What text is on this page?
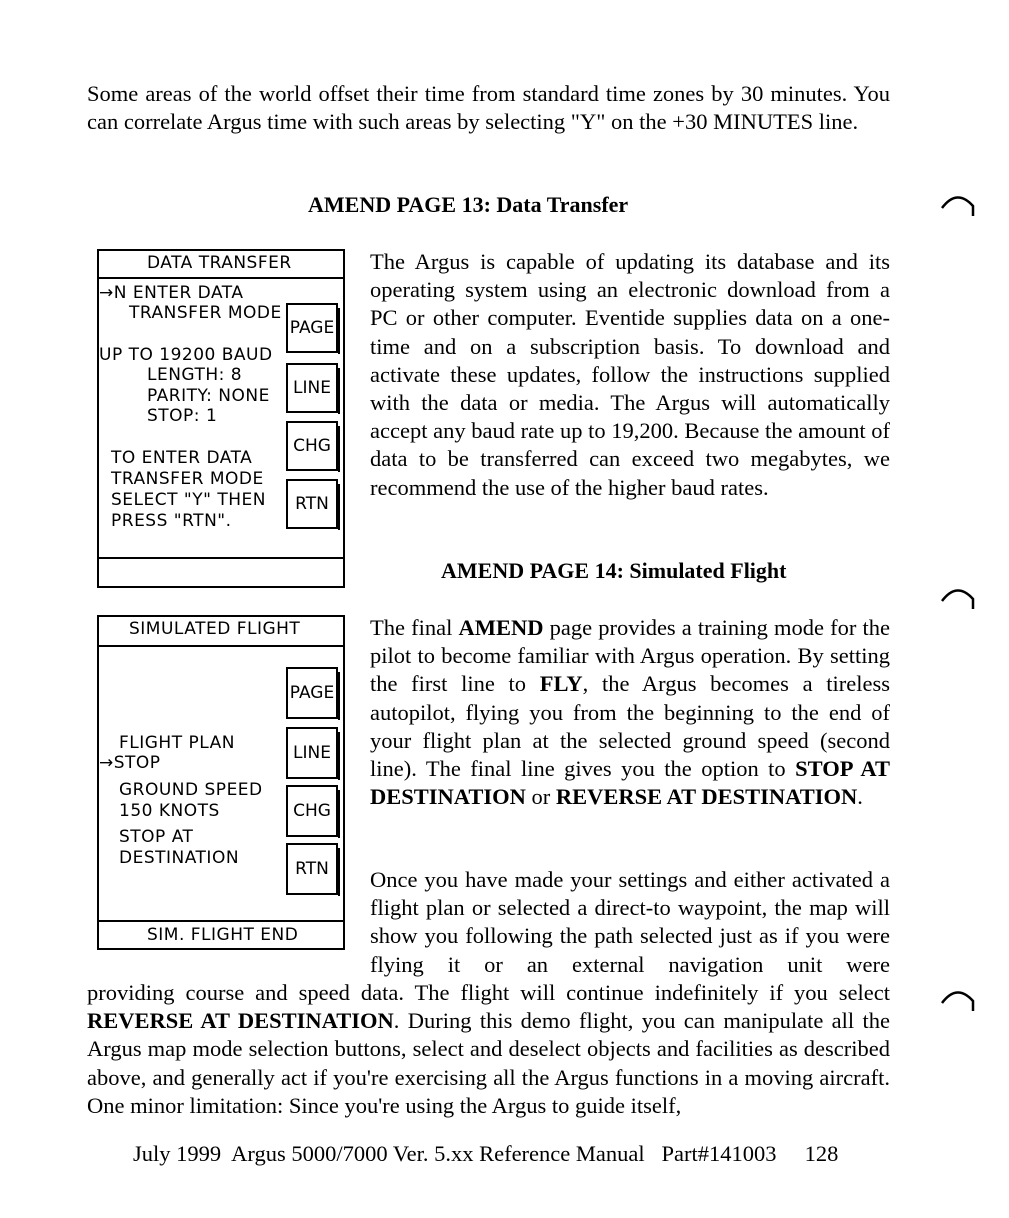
Some areas of the world offset their time from standard time zones by 30 minutes. You can correlate Argus time with such areas by selecting "Y" on the +30 MINUTES line.

AMEND PAGE 13: Data Transfer
DATA TRANSFER
→N ENTER DATA
TRANSFER MODE
UP TO 19200 BAUD
LENGTH: 8
PARITY: NONE
STOP: 1
TO ENTER DATA
TRANSFER MODE
SELECT "Y" THEN
PRESS "RTN".
PAGE
LINE
CHG
RTN

The Argus is capable of updating its database and its operating system using an electronic download from a PC or other computer. Eventide supplies data on a one-time and on a subscription basis. To download and activate these updates, follow the instructions supplied with the data or media. The Argus will automatically accept any baud rate up to 19,200. Because the amount of data to be transferred can exceed two megabytes, we recommend the use of the higher baud rates.

AMEND PAGE 14: Simulated Flight
SIMULATED FLIGHT
PAGE
LINE
CHG
RTN
FLIGHT PLAN
→STOP
GROUND SPEED
150 KNOTS
STOP AT
DESTINATION
SIM. FLIGHT END

The final AMEND page provides a training mode for the pilot to become familiar with Argus operation. By setting the first line to FLY, the Argus becomes a tireless autopilot, flying you from the beginning to the end of your flight plan at the selected ground speed (second line). The final line gives you the option to STOP AT DESTINATION or REVERSE AT DESTINATION.

Once you have made your settings and either activated a flight plan or selected a direct-to waypoint, the map will show you following the path selected just as if you were flying it or an external navigation unit were

providing course and speed data. The flight will continue indefinitely if you select REVERSE AT DESTINATION. During this demo flight, you can manipulate all the Argus map mode selection buttons, select and deselect objects and facilities as described above, and generally act if you're exercising all the Argus functions in a moving aircraft. One minor limitation: Since you're using the Argus to guide itself,

July 1999 Argus 5000/7000 Ver. 5.xx Reference Manual Part#141003 128
